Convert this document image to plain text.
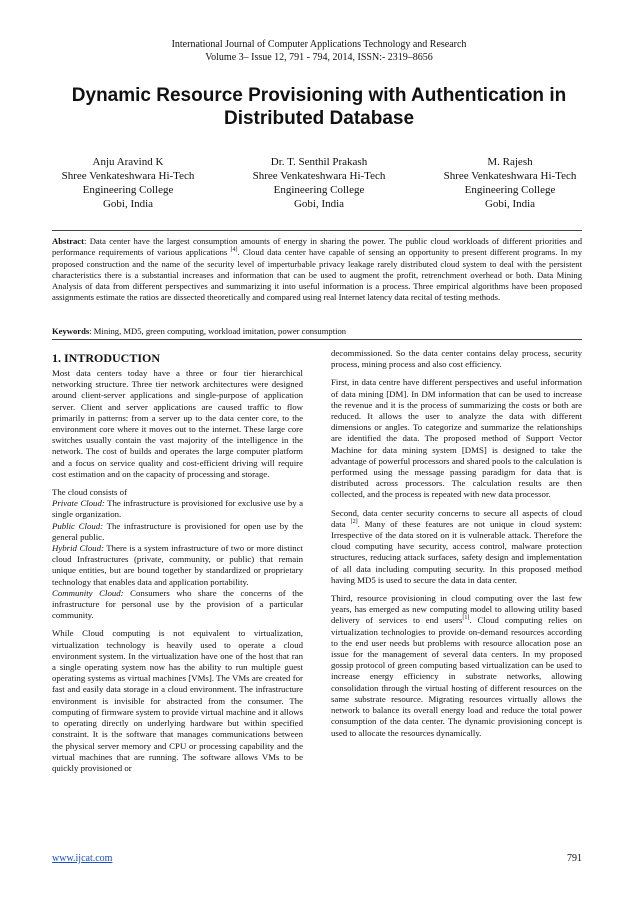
International Journal of Computer Applications Technology and Research
Volume 3– Issue 12, 791 - 794, 2014, ISSN:- 2319–8656
Dynamic Resource Provisioning with Authentication in Distributed Database
Anju Aravind K
Shree Venkateshwara Hi-Tech
Engineering College
Gobi, India
Dr. T. Senthil Prakash
Shree Venkateshwara Hi-Tech
Engineering College
Gobi, India
M. Rajesh
Shree Venkateshwara Hi-Tech
Engineering College
Gobi, India
Abstract: Data center have the largest consumption amounts of energy in sharing the power. The public cloud workloads of different priorities and performance requirements of various applications [4]. Cloud data center have capable of sensing an opportunity to present different programs. In my proposed construction and the name of the security level of imperturbable privacy leakage rarely distributed cloud system to deal with the persistent characteristics there is a substantial increases and information that can be used to augment the profit, retrenchment overhead or both. Data Mining Analysis of data from different perspectives and summarizing it into useful information is a process. Three empirical algorithms have been proposed assignments estimate the ratios are dissected theoretically and compared using real Internet latency data recital of testing methods.
Keywords: Mining, MD5, green computing, workload imitation, power consumption
1. INTRODUCTION

Most data centers today have a three or four tier hierarchical networking structure. Three tier network architectures were designed around client-server applications and single-purpose of application server. Client and server applications are caused traffic to flow primarily in patterns: from a server up to the data center core, to the environment core where it moves out to the internet. These large core switches usually contain the vast majority of the intelligence in the network. The cost of builds and operates the large computer platform and a focus on service quality and cost-efficient driving will require cost estimation and on the capacity of processing and storage.

The cloud consists of

Private Cloud: The infrastructure is provisioned for exclusive use by a single organization.

Public Cloud: The infrastructure is provisioned for open use by the general public.

Hybrid Cloud: There is a system infrastructure of two or more distinct cloud Infrastructures (private, community, or public) that remain unique entities, but are bound together by standardized or proprietary technology that enables data and application portability.

Community Cloud: Consumers who share the concerns of the infrastructure for personal use by the provision of a particular community.

While Cloud computing is not equivalent to virtualization, virtualization technology is heavily used to operate a cloud environment system. In the virtualization have one of the host that ran a single operating system now has the ability to run multiple guest operating systems as virtual machines [VMs]. The VMs are created for fast and easily data storage in a cloud environment. The infrastructure environment is invisible for abstracted from the consumer. The computing of firmware system to provide virtual machine and it allows to operating directly on underlying hardware but within specified constraint. It is the software that manages communications between the physical server memory and CPU or processing capability and the virtual machines that are running. The software allows VMs to be quickly provisioned or

decommissioned. So the data center contains delay process, security process, mining process and also cost efficiency.

First, in data centre have different perspectives and useful information of data mining [DM]. In DM information that can be used to increase the revenue and it is the process of summarizing the costs or both are reduced. It allows the user to analyze the data with different dimensions or angles. To categorize and summarize the relationships are identified the data. The proposed method of Support Vector Machine for data mining system [DMS] is designed to take the advantage of powerful processors and shared pools to the calculation is performed using the message passing paradigm for data that is distributed across processors. The calculation results are then collected, and the process is repeated with new data processor.

Second, data center security concerns to secure all aspects of cloud data [2]. Many of these features are not unique in cloud system: Irrespective of the data stored on it is vulnerable attack. Therefore the cloud computing have security, access control, malware protection structures, reducing attack surfaces, safety design and implementation of all data including computing security. In this proposed method having MD5 is used to secure the data in data center.

Third, resource provisioning in cloud computing over the last few years, has emerged as new computing model to allowing utility based delivery of services to end users[1]. Cloud computing relies on virtualization technologies to provide on-demand resources according to the end user needs but problems with resource allocation pose an issue for the management of several data centers. In my proposed gossip protocol of green computing based virtualization can be used to increase energy efficiency in substrate networks, allowing consolidation through the virtual hosting of different resources on the same substrate resource. Migrating resources virtually allows the network to balance its overall energy load and reduce the total power consumption of the data center. The dynamic provisioning concept is used to allocate the resources dynamically.

www.ijcat.com	791
